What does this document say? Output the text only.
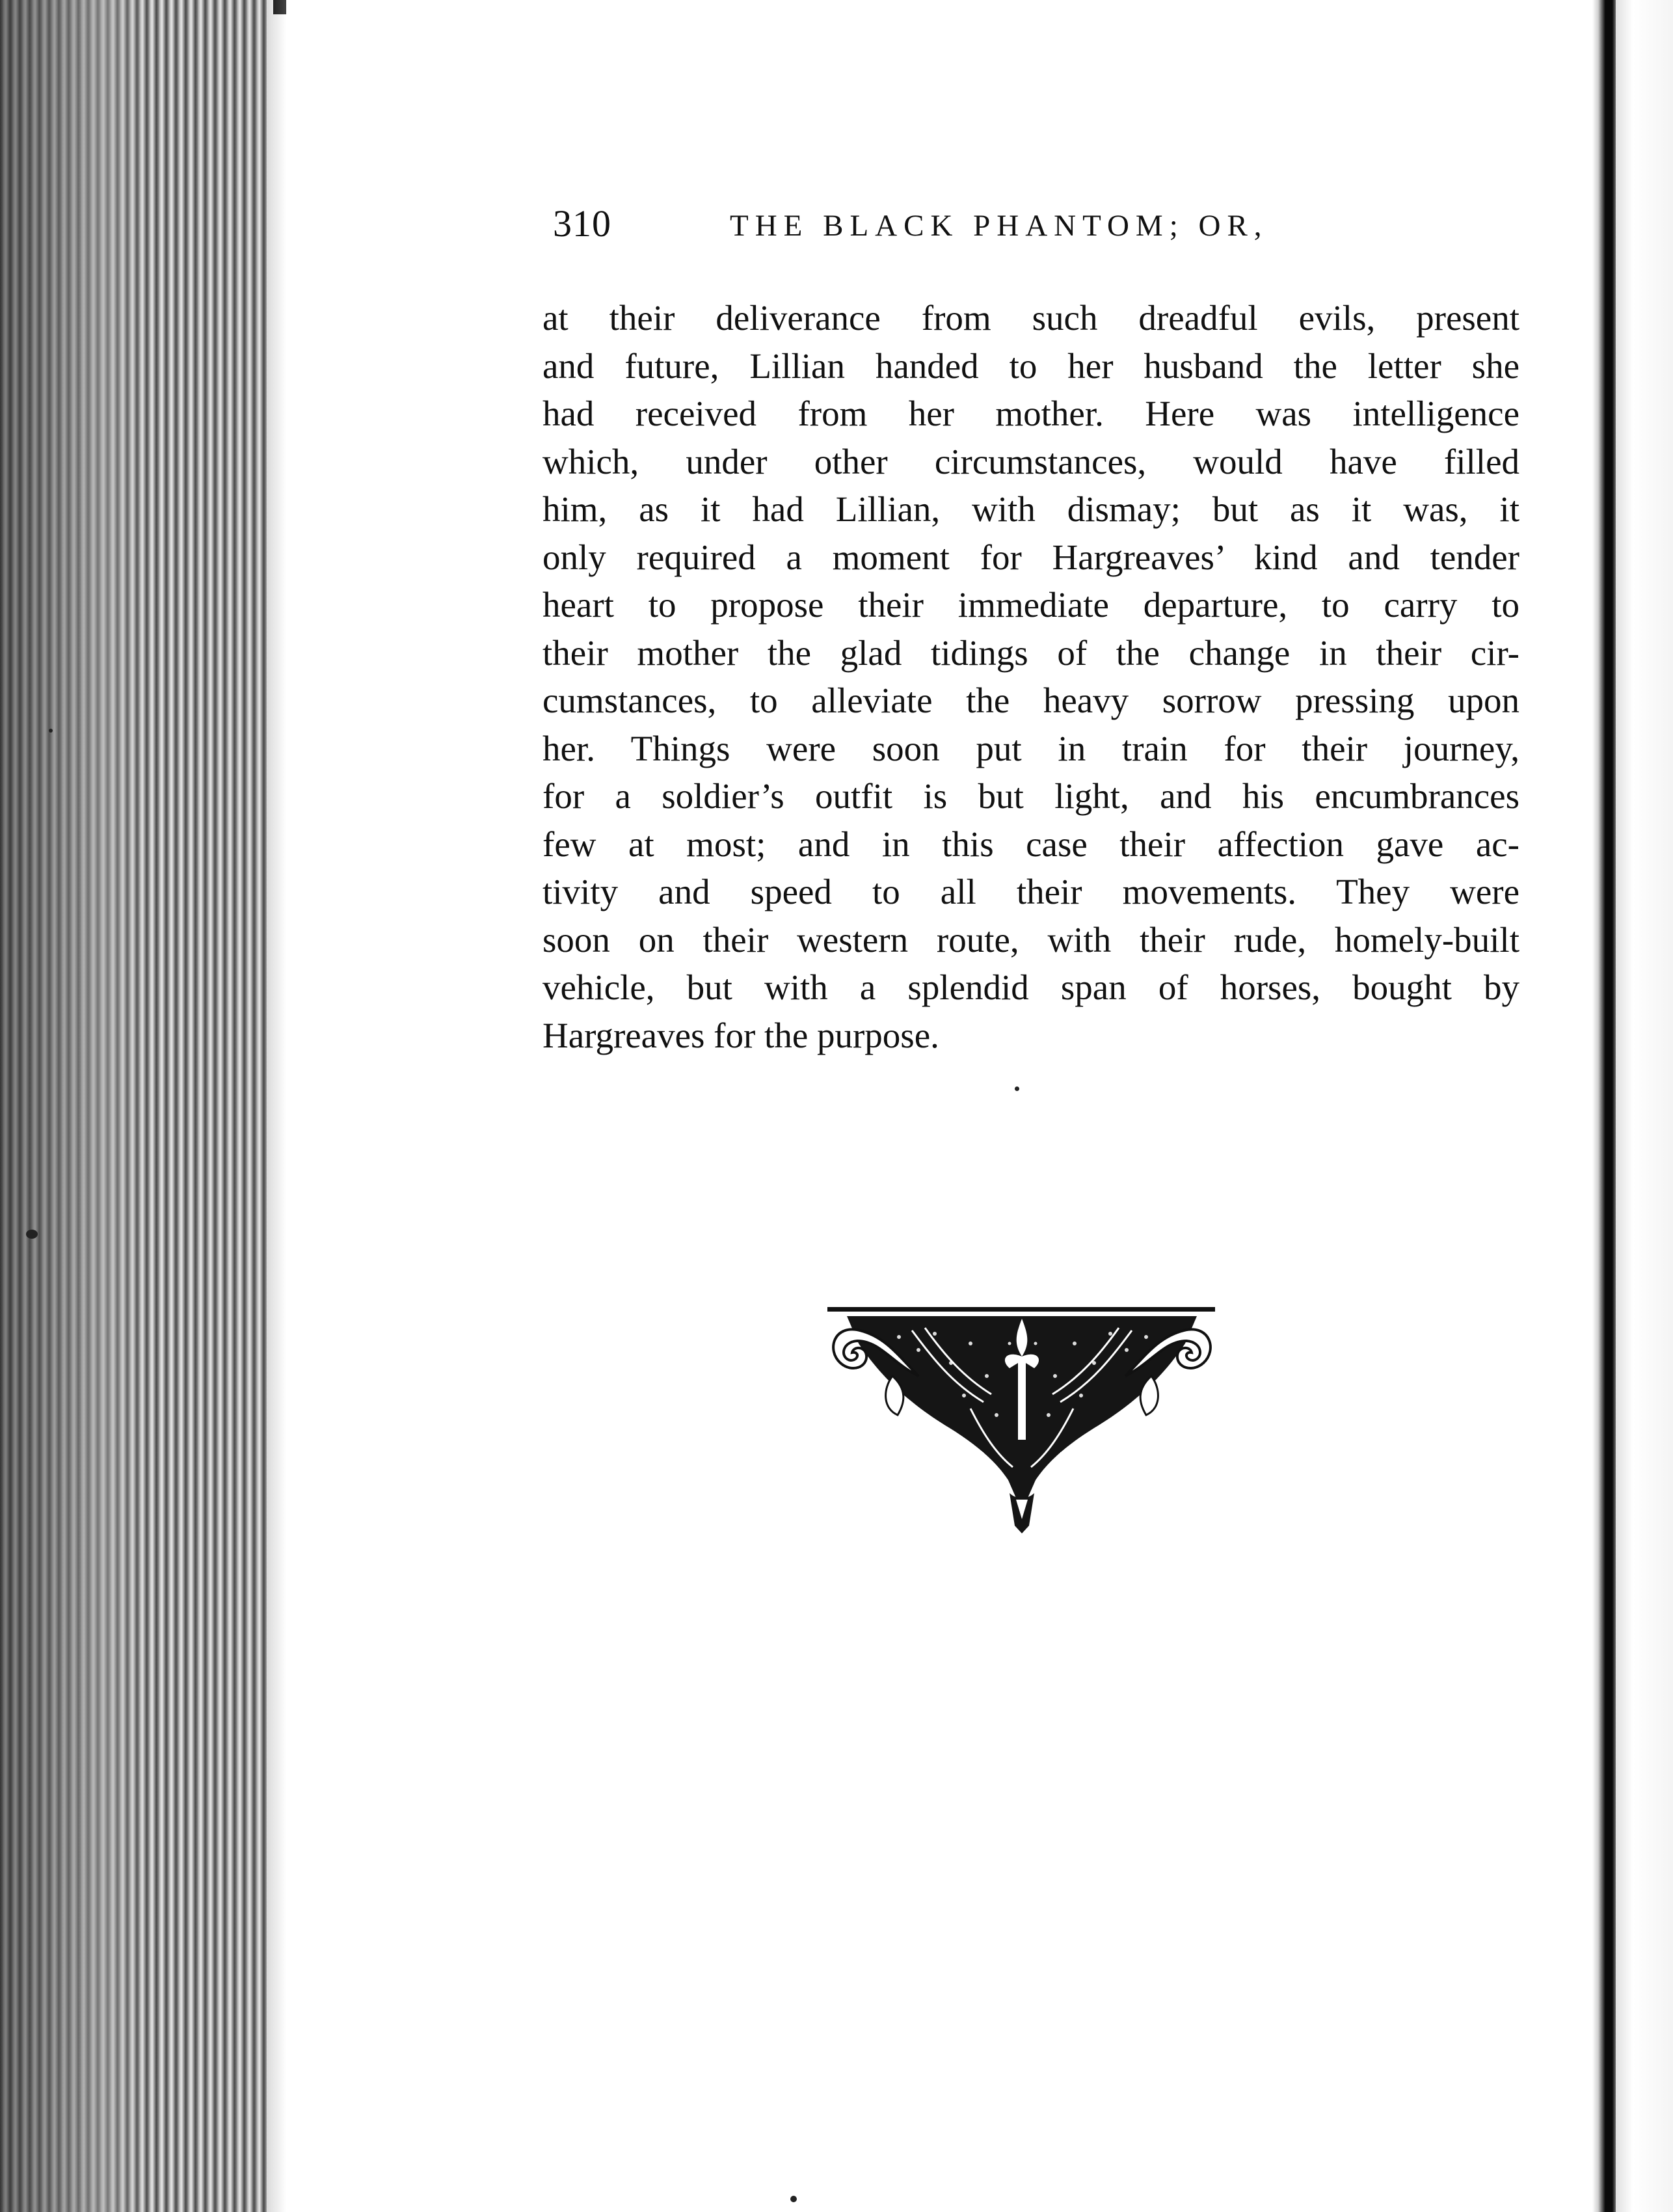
310	THE BLACK PHANTOM; OR,
at their deliverance from such dreadful evils, present
and future, Lillian handed to her husband the letter she
had received from her mother. Here was intelligence
which, under other circumstances, would have filled
him, as it had Lillian, with dismay; but as it was, it
only required a moment for Hargreaves’ kind and tender
heart to propose their immediate departure, to carry to
their mother the glad tidings of the change in their cir-
cumstances, to alleviate the heavy sorrow pressing upon
her. Things were soon put in train for their journey,
for a soldier’s outfit is but light, and his encumbrances
few at most; and in this case their affection gave ac-
tivity and speed to all their movements. They were
soon on their western route, with their rude, homely-built
vehicle, but with a splendid span of horses, bought by
Hargreaves for the purpose.
